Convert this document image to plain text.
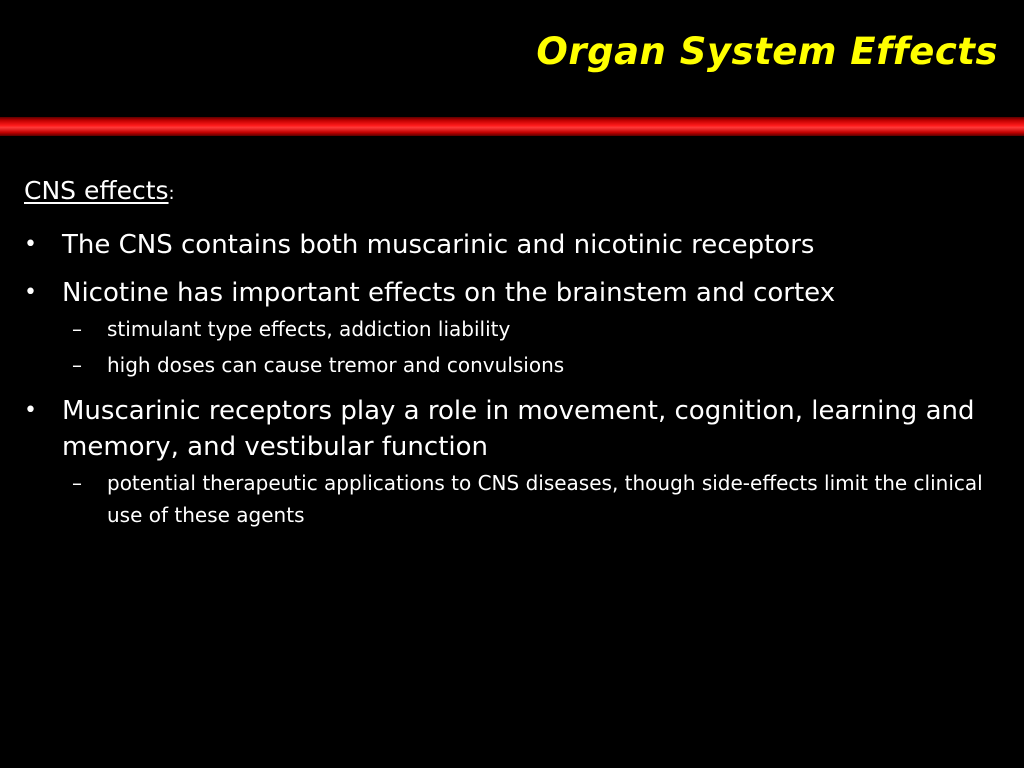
Organ System Effects
CNS effects:
• The CNS contains both muscarinic and nicotinic receptors
• Nicotine has important effects on the brainstem and cortex
– stimulant type effects, addiction liability
– high doses can cause tremor and convulsions
• Muscarinic receptors play a role in movement, cognition, learning and memory, and vestibular function
– potential therapeutic applications to CNS diseases, though side-effects limit the clinical use of these agents
